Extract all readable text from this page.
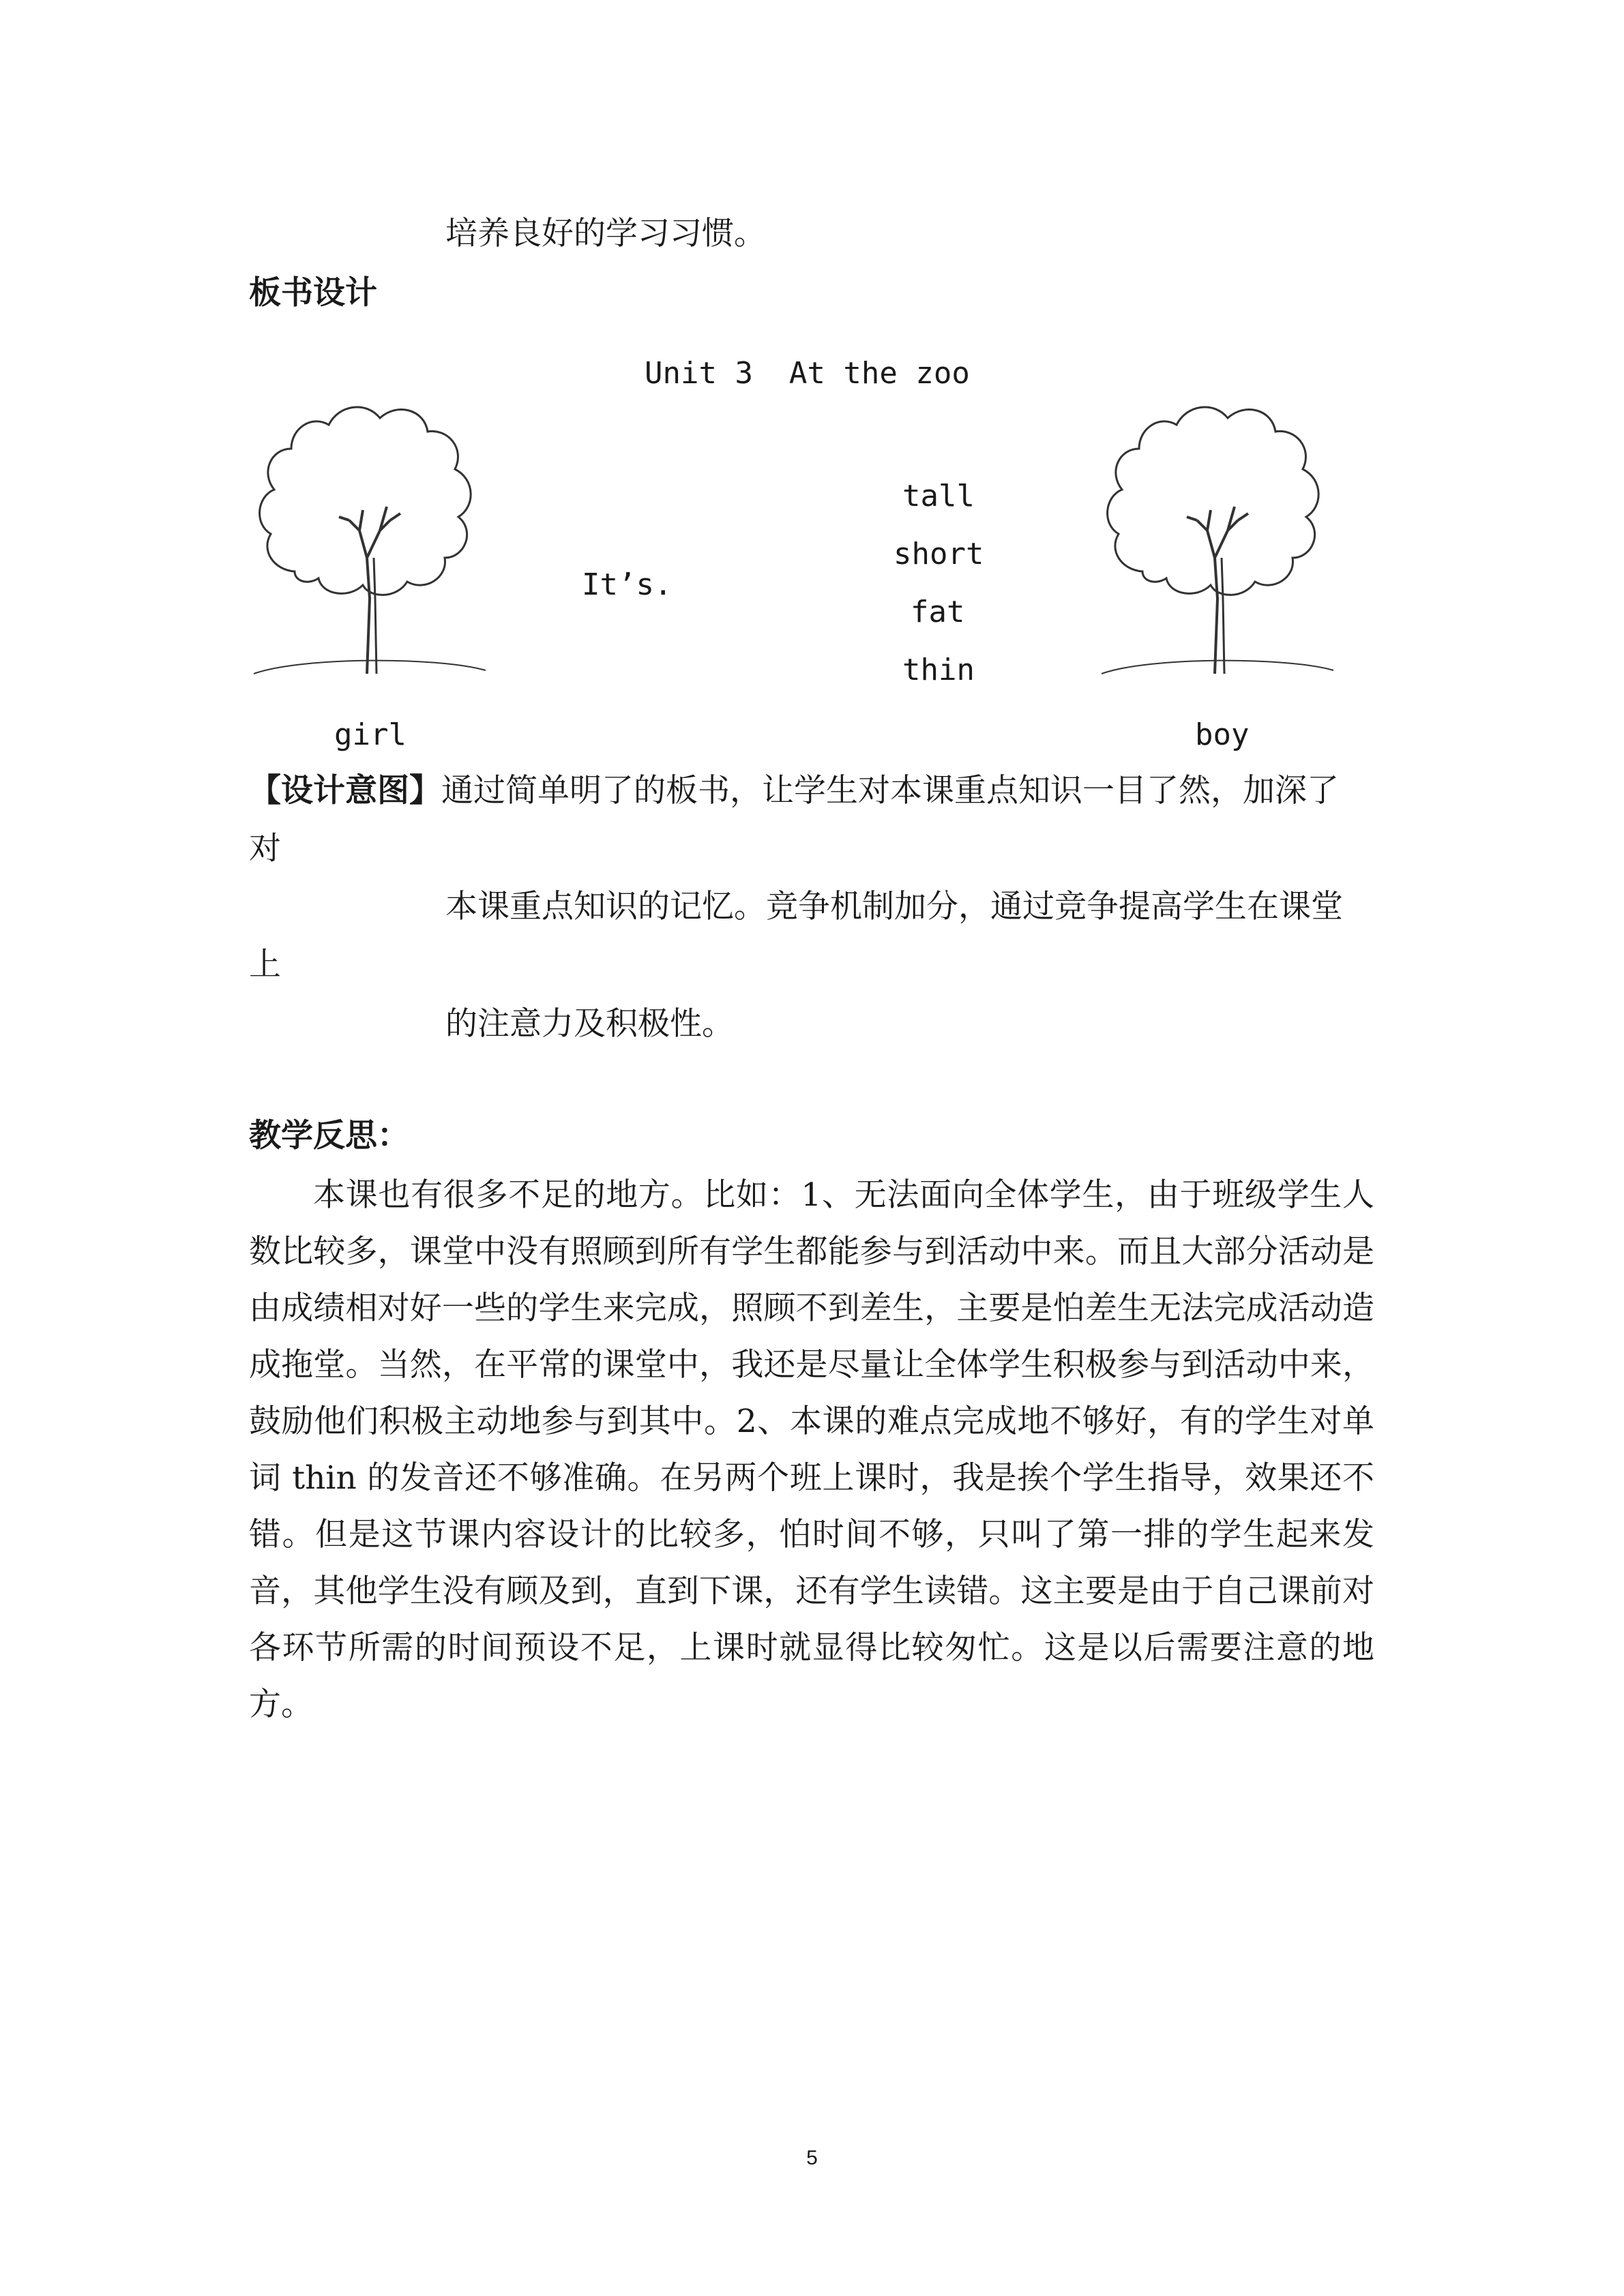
培养良好的学习习惯。
板书设计
Unit 3  At the zoo
It’s.
tall
short
fat
thin
girl	boy
【设计意图】通过简单明了的板书，让学生对本课重点知识一目了然，加深了
对
本课重点知识的记忆。竞争机制加分，通过竞争提高学生在课堂
上
的注意力及积极性。
教学反思：
本课也有很多不足的地方。比如：1、无法面向全体学生，由于班级学生人数比较多，课堂中没有照顾到所有学生都能参与到活动中来。而且大部分活动是由成绩相对好一些的学生来完成，照顾不到差生，主要是怕差生无法完成活动造成拖堂。当然，在平常的课堂中，我还是尽量让全体学生积极参与到活动中来，鼓励他们积极主动地参与到其中。2、本课的难点完成地不够好，有的学生对单词 thin 的发音还不够准确。在另两个班上课时，我是挨个学生指导，效果还不错。但是这节课内容设计的比较多，怕时间不够，只叫了第一排的学生起来发音，其他学生没有顾及到，直到下课，还有学生读错。这主要是由于自己课前对各环节所需的时间预设不足，上课时就显得比较匆忙。这是以后需要注意的地方。
5
